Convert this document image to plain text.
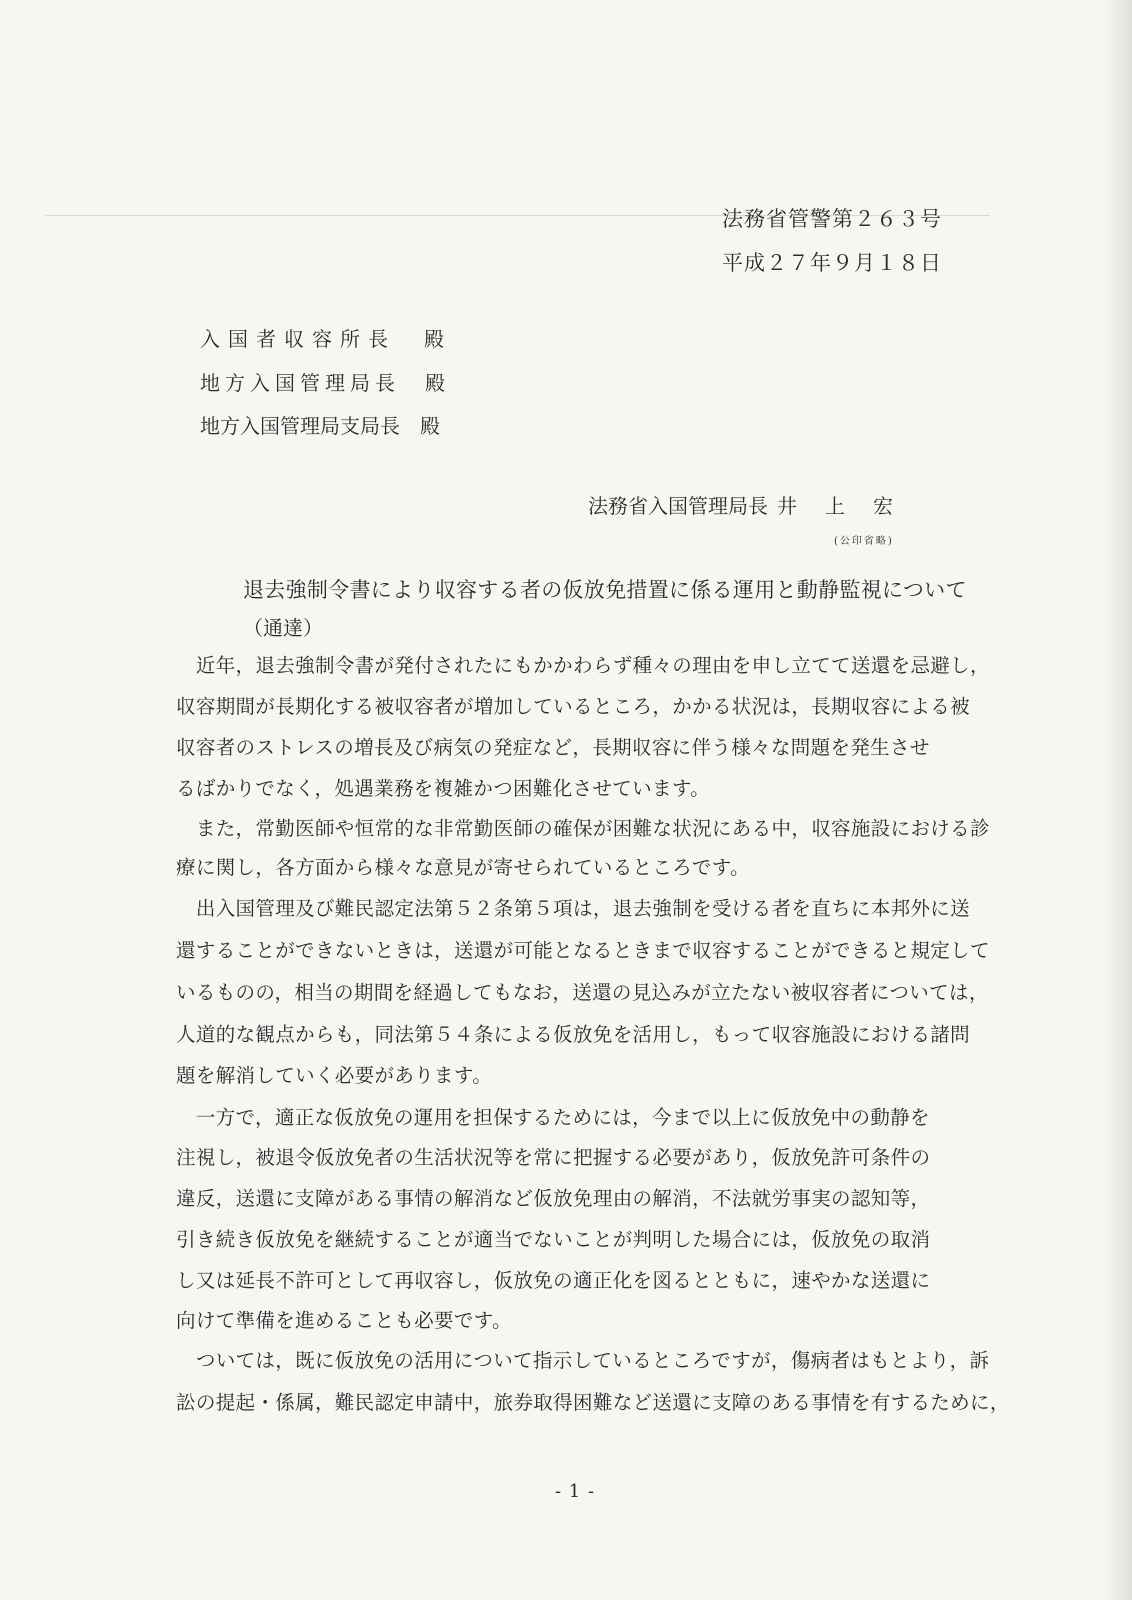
法務省管警第２６３号
平成２７年９月１８日
入国者収容所長　殿
地方入国管理局長　殿
地方入国管理局支局長　殿
法務省入国管理局長 井上宏
(公印省略)
退去強制令書により収容する者の仮放免措置に係る運用と動静監視について
（通達）
　近年，退去強制令書が発付されたにもかかわらず種々の理由を申し立てて送還を忌避し，
収容期間が長期化する被収容者が増加しているところ，かかる状況は，長期収容による被
収容者のストレスの増長及び病気の発症など，長期収容に伴う様々な問題を発生させ
るばかりでなく，処遇業務を複雑かつ困難化させています。
　また，常勤医師や恒常的な非常勤医師の確保が困難な状況にある中，収容施設における診
療に関し，各方面から様々な意見が寄せられているところです。
　出入国管理及び難民認定法第５２条第５項は，退去強制を受ける者を直ちに本邦外に送
還することができないときは，送還が可能となるときまで収容することができると規定して
いるものの，相当の期間を経過してもなお，送還の見込みが立たない被収容者については，
人道的な観点からも，同法第５４条による仮放免を活用し，もって収容施設における諸問
題を解消していく必要があります。
　一方で，適正な仮放免の運用を担保するためには，今まで以上に仮放免中の動静を
注視し，被退令仮放免者の生活状況等を常に把握する必要があり，仮放免許可条件の
違反，送還に支障がある事情の解消など仮放免理由の解消，不法就労事実の認知等，
引き続き仮放免を継続することが適当でないことが判明した場合には，仮放免の取消
し又は延長不許可として再収容し，仮放免の適正化を図るとともに，速やかな送還に
向けて準備を進めることも必要です。
　ついては，既に仮放免の活用について指示しているところですが，傷病者はもとより，訴
訟の提起・係属，難民認定申請中，旅券取得困難など送還に支障のある事情を有するために，
- 1 -
